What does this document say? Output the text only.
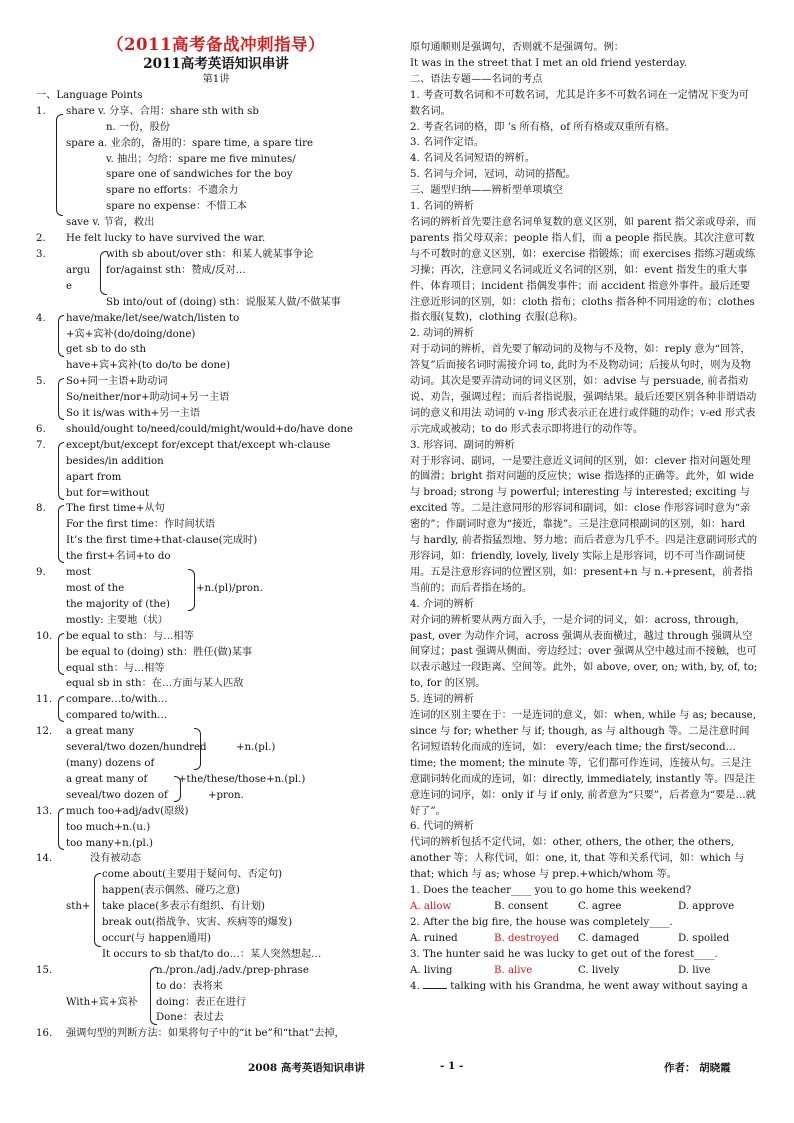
（2011高考备战冲刺指导）
2011高考英语知识串讲
第1讲
一、Language Points
1. share v. 分享、合用：share sth with sb
n. 一份，股份
spare a. 业余的，备用的：spare time, a spare tire
v. 抽出；匀给：spare me five minutes/
spare one of sandwiches for the boy
spare no efforts：不遗余力
spare no expense：不惜工本
save v. 节省，救出
2. He felt lucky to have survived the war.
3.	with sb about/over sth：和某人就某事争论
argu for/against sth：赞成/反对…
e
Sb into/out of (doing) sth：说服某人做/不做某事
4. have/make/let/see/watch/listen to
+宾+宾补(do/doing/done)
get sb to do sth
have+宾+宾补(to do/to be done)
5. So+同一主语+助动词
So/neither/nor+助动词+另一主语
So it is/was with+另一主语
6. should/ought to/need/could/might/would+do/have done
7. except/but/except for/except that/except wh-clause
besides/in addition
apart from
but for=without
8. The first time+从句
For the first time：作时间状语
It’s the first time+that-clause(完成时)
the first+名词+to do
9. most
most of the	+n.(pl)/pron.
the majority of (the)
mostly: 主要地（状）
10. be equal to sth：与…相等
be equal to (doing) sth：胜任(做)某事
equal sth：与…相等
equal sb in sth：在…方面与某人匹敌
11. compare…to/with…
compared to/with…
12. a great many
several/two dozen/hundred	+n.(pl.)
(many) dozens of
a great many of	+the/these/those+n.(pl.)
seveal/two dozen of	+pron.
13. much too+adj/adv(原级)
too much+n.(u.)
too many+n.(pl.)
14.	没有被动态
come about(主要用于疑问句、否定句)
happen(表示偶然、碰巧之意)
sth+ take place(多表示有组织、有计划)
break out(指战争、灾害、疾病等的爆发)
occur(与 happen通用)
It occurs to sb that/to do…：某人突然想起…
15.	n./pron./adj./adv./prep-phrase
to do：表将来
With+宾+宾补 doing：表正在进行
Done：表过去
16. 强调句型的判断方法：如果将句子中的“it be”和“that”去掉，
原句通顺则是强调句，否则就不是强调句。例：
It was in the street that I met an old friend yesterday.
二、语法专题——名词的考点
1. 考查可数名词和不可数名词，尤其是许多不可数名词在一定情况下变为可数名词。
2. 考查名词的格，即 ’s 所有格，of 所有格或双重所有格。
3. 名词作定语。
4. 名词及名词短语的辨析。
5. 名词与介词，冠词，动词的搭配。
三、题型归纳——辨析型单项填空
1. 名词的辨析
名词的辨析首先要注意名词单复数的意义区别，如 parent 指父亲或母亲，而 parents 指父母双亲；people 指人们，而 a people 指民族。其次注意可数与不可数时的意义区别，如：exercise 指锻炼；而 exercises 指练习题或练习操；再次，注意同义名词或近义名词的区别，如：event 指发生的重大事件、体育项目；incident 指偶发事件；而 accident 指意外事件。最后还要注意近形词的区别，如：cloth 指布；cloths 指各种不同用途的布；clothes 指衣服(复数)，clothing 衣服(总称)。
2. 动词的辨析
对于动词的辨析，首先要了解动词的及物与不及物，如：reply 意为“回答，答复”后面接名词时需接介词 to, 此时为不及物动词；后接从句时，则为及物动词。其次是要弄清动词的词义区别，如：advise 与 persuade, 前者指劝说、劝告，强调过程；而后者指说服，强调结果。最后还要区别各种非谓语动词的意义和用法 动词的 v-ing 形式表示正在进行或伴随的动作；v-ed 形式表示完成或被动；to do 形式表示即将进行的动作等。
3. 形容词、副词的辨析
对于形容词、副词，一是要注意近义词间的区别，如：clever 指对问题处理的圆滑；bright 指对问题的反应快；wise 指选择的正确等。此外，如 wide 与 broad; strong 与 powerful; interesting 与 interested; exciting 与 excited 等。二是注意同形的形容词和副词，如：close 作形容词时意为“亲密的”；作副词时意为“接近，靠拢”。三是注意同根副词的区别，如：hard 与 hardly, 前者指猛烈地、努力地；而后者意为几乎不。四是注意副词形式的形容词，如：friendly, lovely, lively 实际上是形容词，切不可当作副词使用。五是注意形容词的位置区别，如：present+n 与 n.+present，前者指当前的；而后者指在场的。
4. 介词的辨析
对介词的辨析要从两方面入手，一是介词的词义，如：across, through, past, over 为动作介词，across 强调从表面横过，越过 through 强调从空间穿过；past 强调从侧面、旁边经过；over 强调从空中越过而不接触，也可以表示越过一段距离、空间等。此外，如 above, over, on; with, by, of, to; to, for 的区别。
5. 连词的辨析
连词的区别主要在于：一是连词的意义，如：when, while 与 as; because, since 与 for; whether 与 if; though, as 与 although 等。二是注意时间名词短语转化而成的连词，如： every/each time; the first/second…time; the moment; the minute 等，它们都可作连词，连接从句。三是注意副词转化而成的连词，如：directly, immediately, instantly 等。四是注意连词的词序，如：only if 与 if only, 前者意为“只要”，后者意为“要是…就好了”。
6. 代词的辨析
代词的辨析包括不定代词，如：other, others, the other, the others, another 等；人称代词，如：one, it, that 等和关系代词，如：which 与 that; which 与 as; whose 与 prep.+which/whom 等。
1. Does the teacher____ you to go home this weekend?
A. allow	B. consent	C. agree	D. approve
2. After the big fire, the house was completely____.
A. ruined	B. destroyed C. damaged	D. spoiled
3. The hunter said he was lucky to get out of the forest____.
A. living	B. alive	C. lively	D. live
4.	talking with his Grandma, he went away without saying a
2008 高考英语知识串讲	- 1 -	作者： 胡晓霞
